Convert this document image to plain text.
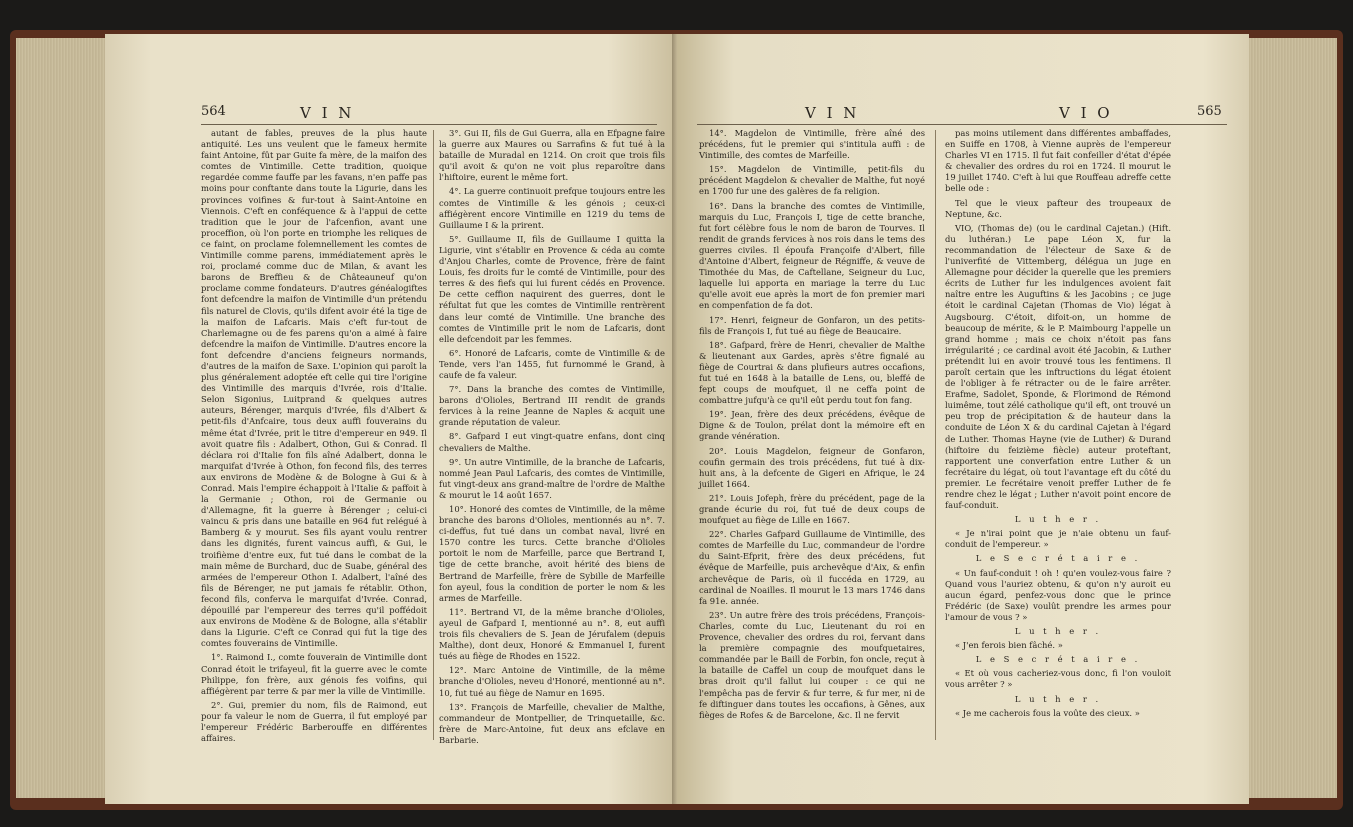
564	V I N

autant de fables, preuves de la plus haute antiquité. Les uns veulent que le fameux hermite faint Antoine, fût par Guite fa mère, de la maifon des comtes de Vintimille. Cette tradition, quoique regardée comme fauffe par les favans, n'en paffe pas moins pour conftante dans toute la Ligurie, dans les provinces voifines & fur-tout à Saint-Antoine en Viennois. C'eft en conféquence & à l'appui de cette tradition que le jour de l'afcenfion, avant une proceffion, où l'on porte en triomphe les reliques de ce faint, on proclame folemnellement les comtes de Vintimille comme parens, immédiatement après le roi, proclamé comme duc de Milan, & avant les barons de Breffieu & de Châteauneuf qu'on proclame comme fondateurs. D'autres généalogiftes font defcendre la maifon de Vintimille d'un prétendu fils naturel de Clovis, qu'ils difent avoir été la tige de la maifon de Lafcaris. Mais c'eft fur-tout de Charlemagne ou de fes parens qu'on a aimé à faire defcendre la maifon de Vintimille. D'autres encore la font defcendre d'anciens feigneurs normands, d'autres de la maifon de Saxe. L'opinion qui paroît la plus généralement adoptée eft celle qui tire l'origine des Vintimille des marquis d'Ivrée, rois d'Italie. Selon Sigonius, Luitprand & quelques autres auteurs, Bérenger, marquis d'Ivrée, fils d'Albert & petit-fils d'Anfcaire, tous deux auffi fouverains du même état d'Ivrée, prit le titre d'empereur en 949. Il avoit quatre fils : Adalbert, Othon, Gui & Conrad. Il déclara roi d'Italie fon fils aîné Adalbert, donna le marquifat d'Ivrée à Othon, fon fecond fils, des terres aux environs de Modène & de Bologne à Gui & à Conrad. Mais l'empire échappoit à l'Italie & paffoit à la Germanie ; Othon, roi de Germanie ou d'Allemagne, fit la guerre à Bérenger ; celui-ci vaincu & pris dans une bataille en 964 fut relégué à Bamberg & y mourut. Ses fils ayant voulu rentrer dans les dignités, furent vaincus auffi, & Gui, le troifième d'entre eux, fut tué dans le combat de la main même de Burchard, duc de Suabe, général des armées de l'empereur Othon I. Adalbert, l'aîné des fils de Bérenger, ne put jamais fe rétablir. Othon, fecond fils, conferva le marquifat d'Ivrée. Conrad, dépouillé par l'empereur des terres qu'il poffédoit aux environs de Modène & de Bologne, alla s'établir dans la Ligurie. C'eft ce Conrad qui fut la tige des comtes fouverains de Vintimille.

1°. Raimond I., comte fouverain de Vintimille dont Conrad étoit le trifayeul, fit la guerre avec le comte Philippe, fon frère, aux génois fes voifins, qui affiégèrent par terre & par mer la ville de Vintimille.

2°. Gui, premier du nom, fils de Raimond, eut pour fa valeur le nom de Guerra, il fut employé par l'empereur Frédéric Barberouffe en différentes affaires.

3°. Gui II, fils de Gui Guerra, alla en Efpagne faire la guerre aux Maures ou Sarrafins & fut tué à la bataille de Muradal en 1214. On croit que trois fils qu'il avoit & qu'on ne voit plus reparoître dans l'hiftoire, eurent le même fort.

4°. La guerre continuoit prefque toujours entre les comtes de Vintimille & les génois ; ceux-ci affiégèrent encore Vintimille en 1219 du tems de Guillaume I & la prirent.

5°. Guillaume II, fils de Guillaume I quitta la Ligurie, vint s'établir en Provence & céda au comte d'Anjou Charles, comte de Provence, frère de faint Louis, fes droits fur le comté de Vintimille, pour des terres & des fiefs qui lui furent cédés en Provence. De cette ceffion naquirent des guerres, dont le réfultat fut que les comtes de Vintimille rentrèrent dans leur comté de Vintimille. Une branche des comtes de Vintimille prit le nom de Lafcaris, dont elle defcendoit par les femmes.

6°. Honoré de Lafcaris, comte de Vintimille & de Tende, vers l'an 1455, fut furnommé le Grand, à caufe de fa valeur.

7°. Dans la branche des comtes de Vintimille, barons d'Olioles, Bertrand III rendit de grands fervices à la reine Jeanne de Naples & acquit une grande réputation de valeur.

8°. Gafpard I eut vingt-quatre enfans, dont cinq chevaliers de Malthe.

9°. Un autre Vintimille, de la branche de Lafcaris, nommé Jean Paul Lafcaris, des comtes de Vintimille, fut vingt-deux ans grand-maître de l'ordre de Malthe & mourut le 14 août 1657.

10°. Honoré des comtes de Vintimille, de la même branche des barons d'Olioles, mentionnés au n°. 7. ci-deffus, fut tué dans un combat naval, livré en 1570 contre les turcs. Cette branche d'Olioles portoit le nom de Marfeille, parce que Bertrand I, tige de cette branche, avoit hérité des biens de Bertrand de Marfeille, frère de Sybille de Marfeille fon ayeul, fous la condition de porter le nom & les armes de Marfeille.

11°. Bertrand VI, de la même branche d'Olioles, ayeul de Gafpard I, mentionné au n°. 8, eut auffi trois fils chevaliers de S. Jean de Jérufalem (depuis Malthe), dont deux, Honoré & Emmanuel I, furent tués au fiège de Rhodes en 1522.

12°. Marc Antoine de Vintimille, de la même branche d'Olioles, neveu d'Honoré, mentionné au n°. 10, fut tué au fiège de Namur en 1695.

13°. François de Marfeille, chevalier de Malthe, commandeur de Montpellier, de Trinquetaille, &c. frère de Marc-Antoine, fut deux ans efclave en Barbarie.

V I N	V I O	565

14°. Magdelon de Vintimille, frère aîné des précédens, fut le premier qui s'intitula auffi : de Vintimille, des comtes de Marfeille.

15°. Magdelon de Vintimille, petit-fils du précédent Magdelon & chevalier de Malthe, fut noyé en 1700 fur une des galères de fa religion.

16°. Dans la branche des comtes de Vintimille, marquis du Luc, François I, tige de cette branche, fut fort célèbre fous le nom de baron de Tourves. Il rendit de grands fervices à nos rois dans le tems des guerres civiles. Il époufa Françoife d'Albert, fille d'Antoine d'Albert, feigneur de Régniffe, & veuve de Timothée du Mas, de Caftellane, Seigneur du Luc, laquelle lui apporta en mariage la terre du Luc qu'elle avoit eue après la mort de fon premier mari en compenfation de fa dot.

17°. Henri, feigneur de Gonfaron, un des petits-fils de François I, fut tué au fiège de Beaucaire.

18°. Gafpard, frère de Henri, chevalier de Malthe & lieutenant aux Gardes, après s'être fignalé au fiège de Courtrai & dans plufieurs autres occafions, fut tué en 1648 à la bataille de Lens, ou, bleffé de fept coups de moufquet, il ne ceffa point de combattre jufqu'à ce qu'il eût perdu tout fon fang.

19°. Jean, frère des deux précédens, évêque de Digne & de Toulon, prélat dont la mémoire eft en grande vénération.

20°. Louis Magdelon, feigneur de Gonfaron, coufin germain des trois précédens, fut tué à dix-huit ans, à la defcente de Gigeri en Afrique, le 24 juillet 1664.

21°. Louis Jofeph, frère du précédent, page de la grande écurie du roi, fut tué de deux coups de moufquet au fiège de Lille en 1667.

22°. Charles Gafpard Guillaume de Vintimille, des comtes de Marfeille du Luc, commandeur de l'ordre du Saint-Efprit, frère des deux précédens, fut évêque de Marfeille, puis archevêque d'Aix, & enfin archevêque de Paris, où il fuccéda en 1729, au cardinal de Noailles. Il mourut le 13 mars 1746 dans fa 91e. année.

23°. Un autre frère des trois précédens, François-Charles, comte du Luc, Lieutenant du roi en Provence, chevalier des ordres du roi, fervant dans la première compagnie des moufquetaires, commandée par le Baill de Forbin, fon oncle, reçut à la bataille de Caffel un coup de moufquet dans le bras droit qu'il fallut lui couper : ce qui ne l'empêcha pas de fervir & fur terre, & fur mer, ni de fe diftinguer dans toutes les occafions, à Gênes, aux fièges de Rofes & de Barcelone, &c. Il ne fervit

pas moins utilement dans différentes ambaffades, en Suiffe en 1708, à Vienne auprès de l'empereur Charles VI en 1715. Il fut fait confeiller d'état d'épée & chevalier des ordres du roi en 1724. Il mourut le 19 juillet 1740. C'eft à lui que Rouffeau adreffe cette belle ode :

Tel que le vieux pafteur des troupeaux de Neptune, &c.

VIO, (Thomas de) (ou le cardinal Cajetan.) (Hift. du luthéran.) Le pape Léon X, fur la recommandation de l'électeur de Saxe & de l'univerfité de Vittemberg, délégua un juge en Allemagne pour décider la querelle que les premiers écrits de Luther fur les indulgences avoient fait naître entre les Auguftins & les Jacobins ; ce juge étoit le cardinal Cajetan (Thomas de Vio) légat à Augsbourg. C'étoit, difoit-on, un homme de beaucoup de mérite, & le P. Maimbourg l'appelle un grand homme ; mais ce choix n'étoit pas fans irrégularité ; ce cardinal avoit été Jacobin, & Luther prétendit lui en avoir trouvé tous les fentimens. Il paroît certain que les inftructions du légat étoient de l'obliger à fe rétracter ou de le faire arrêter. Erafme, Sadolet, Sponde, & Florimond de Rémond luimême, tout zélé catholique qu'il eft, ont trouvé un peu trop de précipitation & de hauteur dans la conduite de Léon X & du cardinal Cajetan à l'égard de Luther. Thomas Hayne (vie de Luther) & Durand (hiftoire du feizième fiècle) auteur proteftant, rapportent une converfation entre Luther & un fecrétaire du légat, où tout l'avantage eft du côté du premier. Le fecrétaire venoit preffer Luther de fe rendre chez le légat ; Luther n'avoit point encore de fauf-conduit.

L u t h e r .

« Je n'irai point que je n'aie obtenu un fauf-conduit de l'empereur. »

L e S e c r é t a i r e .

« Un fauf-conduit ! oh ! qu'en voulez-vous faire ? Quand vous l'auriez obtenu, & qu'on n'y auroit eu aucun égard, penfez-vous donc que le prince Frédéric (de Saxe) voulût prendre les armes pour l'amour de vous ? »

L u t h e r .

« J'en ferois bien fâché. »

L e S e c r é t a i r e .

« Et où vous cacheriez-vous donc, fi l'on vouloit vous arrêter ? »

L u t h e r .

« Je me cacherois fous la voûte des cieux. »
